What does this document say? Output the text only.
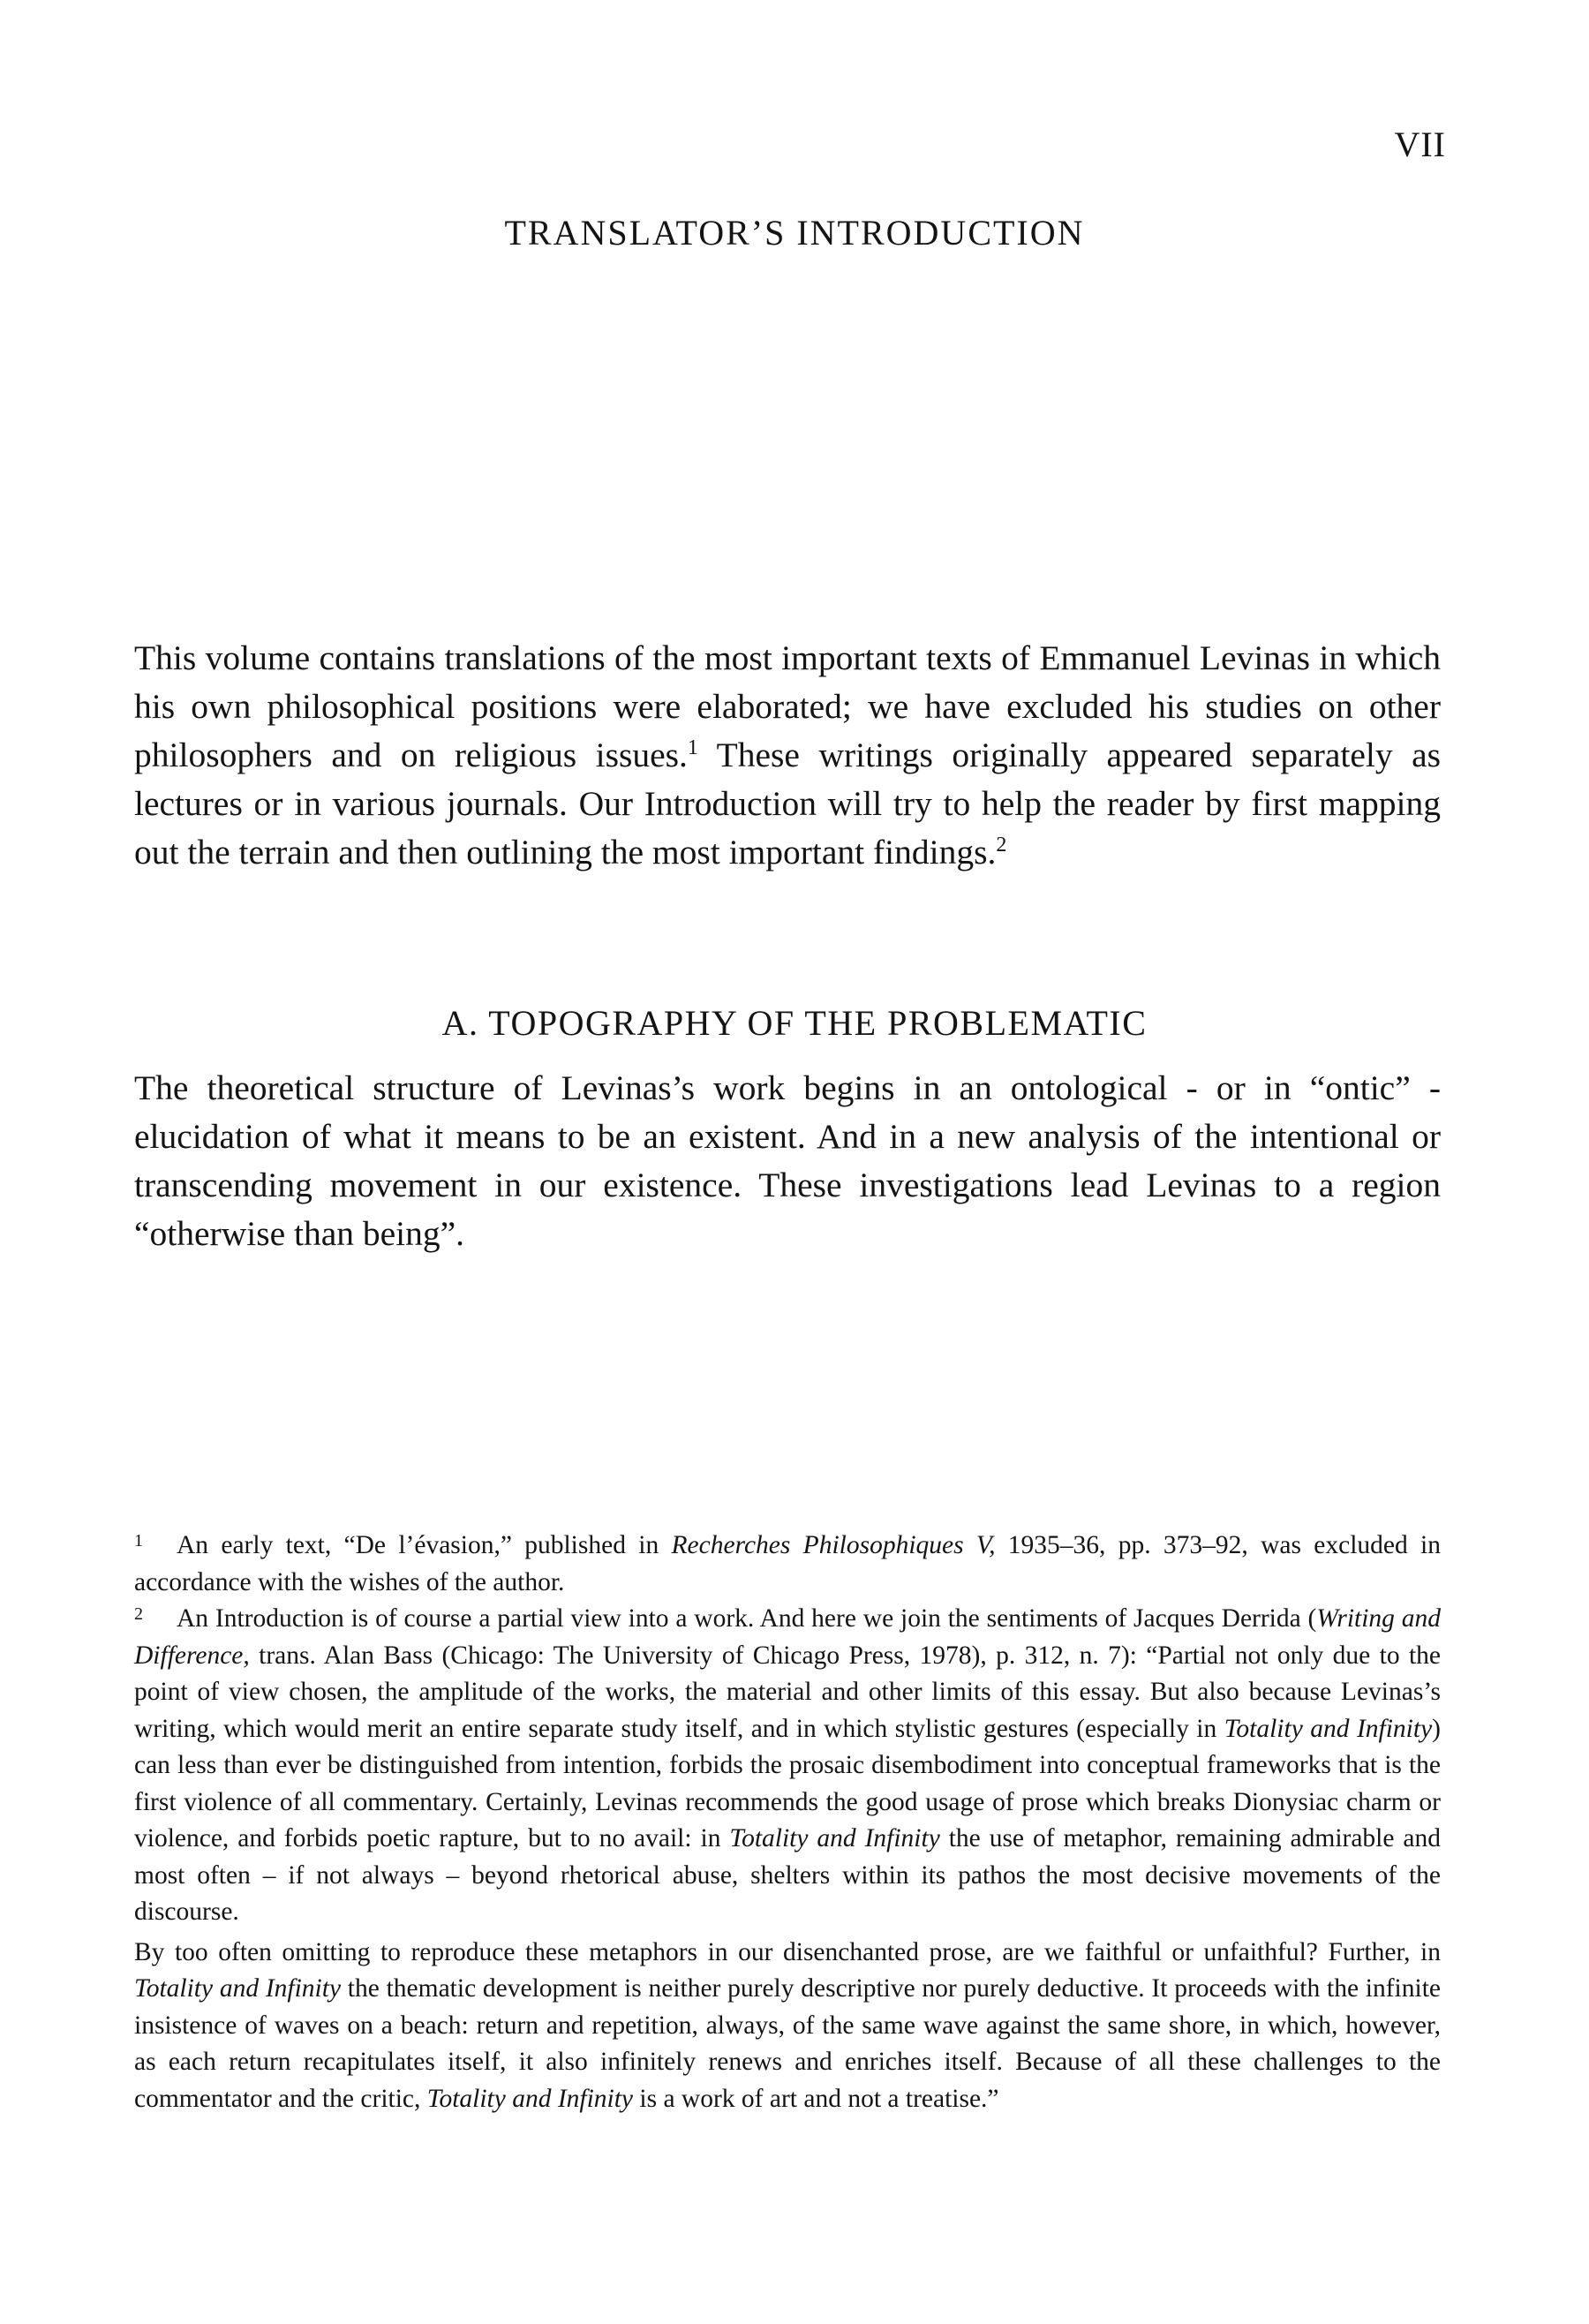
VII
TRANSLATOR’S INTRODUCTION

This volume contains translations of the most important texts of Emmanuel Levinas in which his own philosophical positions were elaborated; we have excluded his studies on other philosophers and on religious issues.$^1$ These writings originally appeared separately as lectures or in various journals. Our Introduction will try to help the reader by first mapping out the terrain and then outlining the most important findings.$^2$

A. TOPOGRAPHY OF THE PROBLEMATIC

The theoretical structure of Levinas’s work begins in an ontological - or in “ontic” - elucidation of what it means to be an existent. And in a new analysis of the intentional or transcending movement in our existence. These investigations lead Levinas to a region “otherwise than being”.

1 An early text, “De l’évasion,” published in Recherches Philosophiques V, 1935–36, pp. 373–92, was excluded in accordance with the wishes of the author.

2 An Introduction is of course a partial view into a work. And here we join the sentiments of Jacques Derrida (Writing and Difference, trans. Alan Bass (Chicago: The University of Chicago Press, 1978), p. 312, n. 7): “Partial not only due to the point of view chosen, the amplitude of the works, the material and other limits of this essay. But also because Levinas’s writing, which would merit an entire separate study itself, and in which stylistic gestures (especially in Totality and Infinity) can less than ever be distinguished from intention, forbids the prosaic disembodiment into conceptual frameworks that is the first violence of all commentary. Certainly, Levinas recommends the good usage of prose which breaks Dionysiac charm or violence, and forbids poetic rapture, but to no avail: in Totality and Infinity the use of metaphor, remaining admirable and most often – if not always – beyond rhetorical abuse, shelters within its pathos the most decisive movements of the discourse.

By too often omitting to reproduce these metaphors in our disenchanted prose, are we faithful or unfaithful? Further, in Totality and Infinity the thematic development is neither purely descriptive nor purely deductive. It proceeds with the infinite insistence of waves on a beach: return and repetition, always, of the same wave against the same shore, in which, however, as each return recapitulates itself, it also infinitely renews and enriches itself. Because of all these challenges to the commentator and the critic, Totality and Infinity is a work of art and not a treatise.”
